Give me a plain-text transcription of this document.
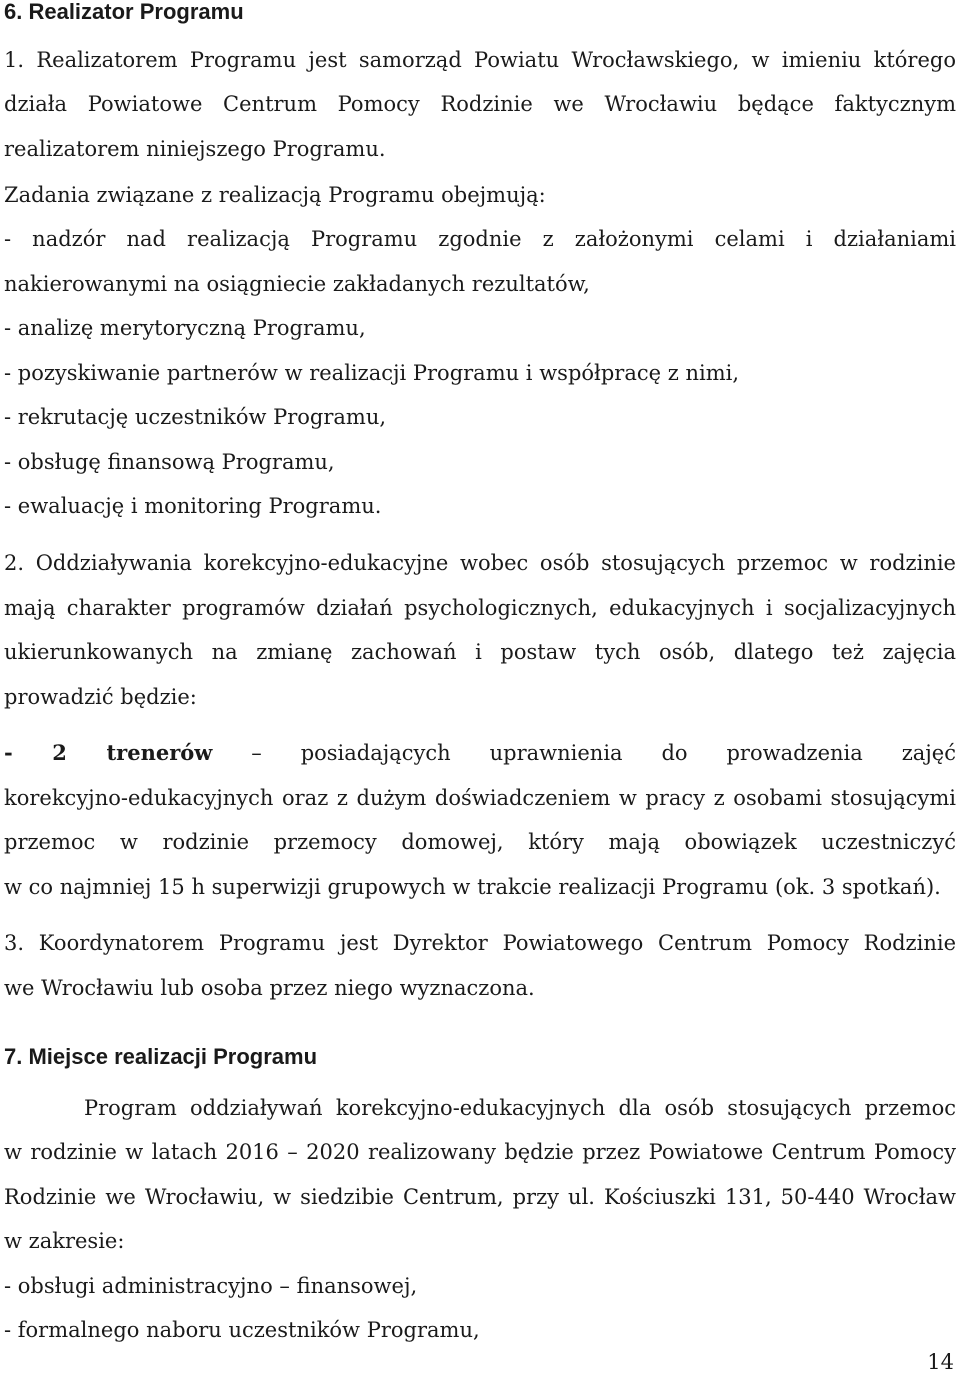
6. Realizator Programu
1. Realizatorem Programu jest samorząd Powiatu Wrocławskiego, w imieniu którego
działa Powiatowe Centrum Pomocy Rodzinie we Wrocławiu będące faktycznym
realizatorem niniejszego Programu.
Zadania związane z realizacją Programu obejmują:
- nadzór nad realizacją Programu zgodnie z założonymi celami i działaniami
nakierowanymi na osiągniecie zakładanych rezultatów,
- analizę merytoryczną Programu,
- pozyskiwanie partnerów w realizacji Programu i współpracę z nimi,
- rekrutację uczestników Programu,
- obsługę finansową Programu,
- ewaluację i monitoring Programu.
2. Oddziaływania korekcyjno-edukacyjne wobec osób stosujących przemoc w rodzinie
mają charakter programów działań psychologicznych, edukacyjnych i socjalizacyjnych
ukierunkowanych na zmianę zachowań i postaw tych osób, dlatego też zajęcia
prowadzić będzie:
- 2 trenerów – posiadających uprawnienia do prowadzenia zajęć
korekcyjno-edukacyjnych oraz z dużym doświadczeniem w pracy z osobami stosującymi
przemoc w rodzinie przemocy domowej, który mają obowiązek uczestniczyć
w co najmniej 15 h superwizji grupowych w trakcie realizacji Programu (ok. 3 spotkań).
3. Koordynatorem Programu jest Dyrektor Powiatowego Centrum Pomocy Rodzinie
we Wrocławiu lub osoba przez niego wyznaczona.
7. Miejsce realizacji Programu
Program oddziaływań korekcyjno-edukacyjnych dla osób stosujących przemoc
w rodzinie w latach 2016 – 2020 realizowany będzie przez Powiatowe Centrum Pomocy
Rodzinie we Wrocławiu, w siedzibie Centrum, przy ul. Kościuszki 131, 50-440 Wrocław
w zakresie:
- obsługi administracyjno – finansowej,
- formalnego naboru uczestników Programu,
14
